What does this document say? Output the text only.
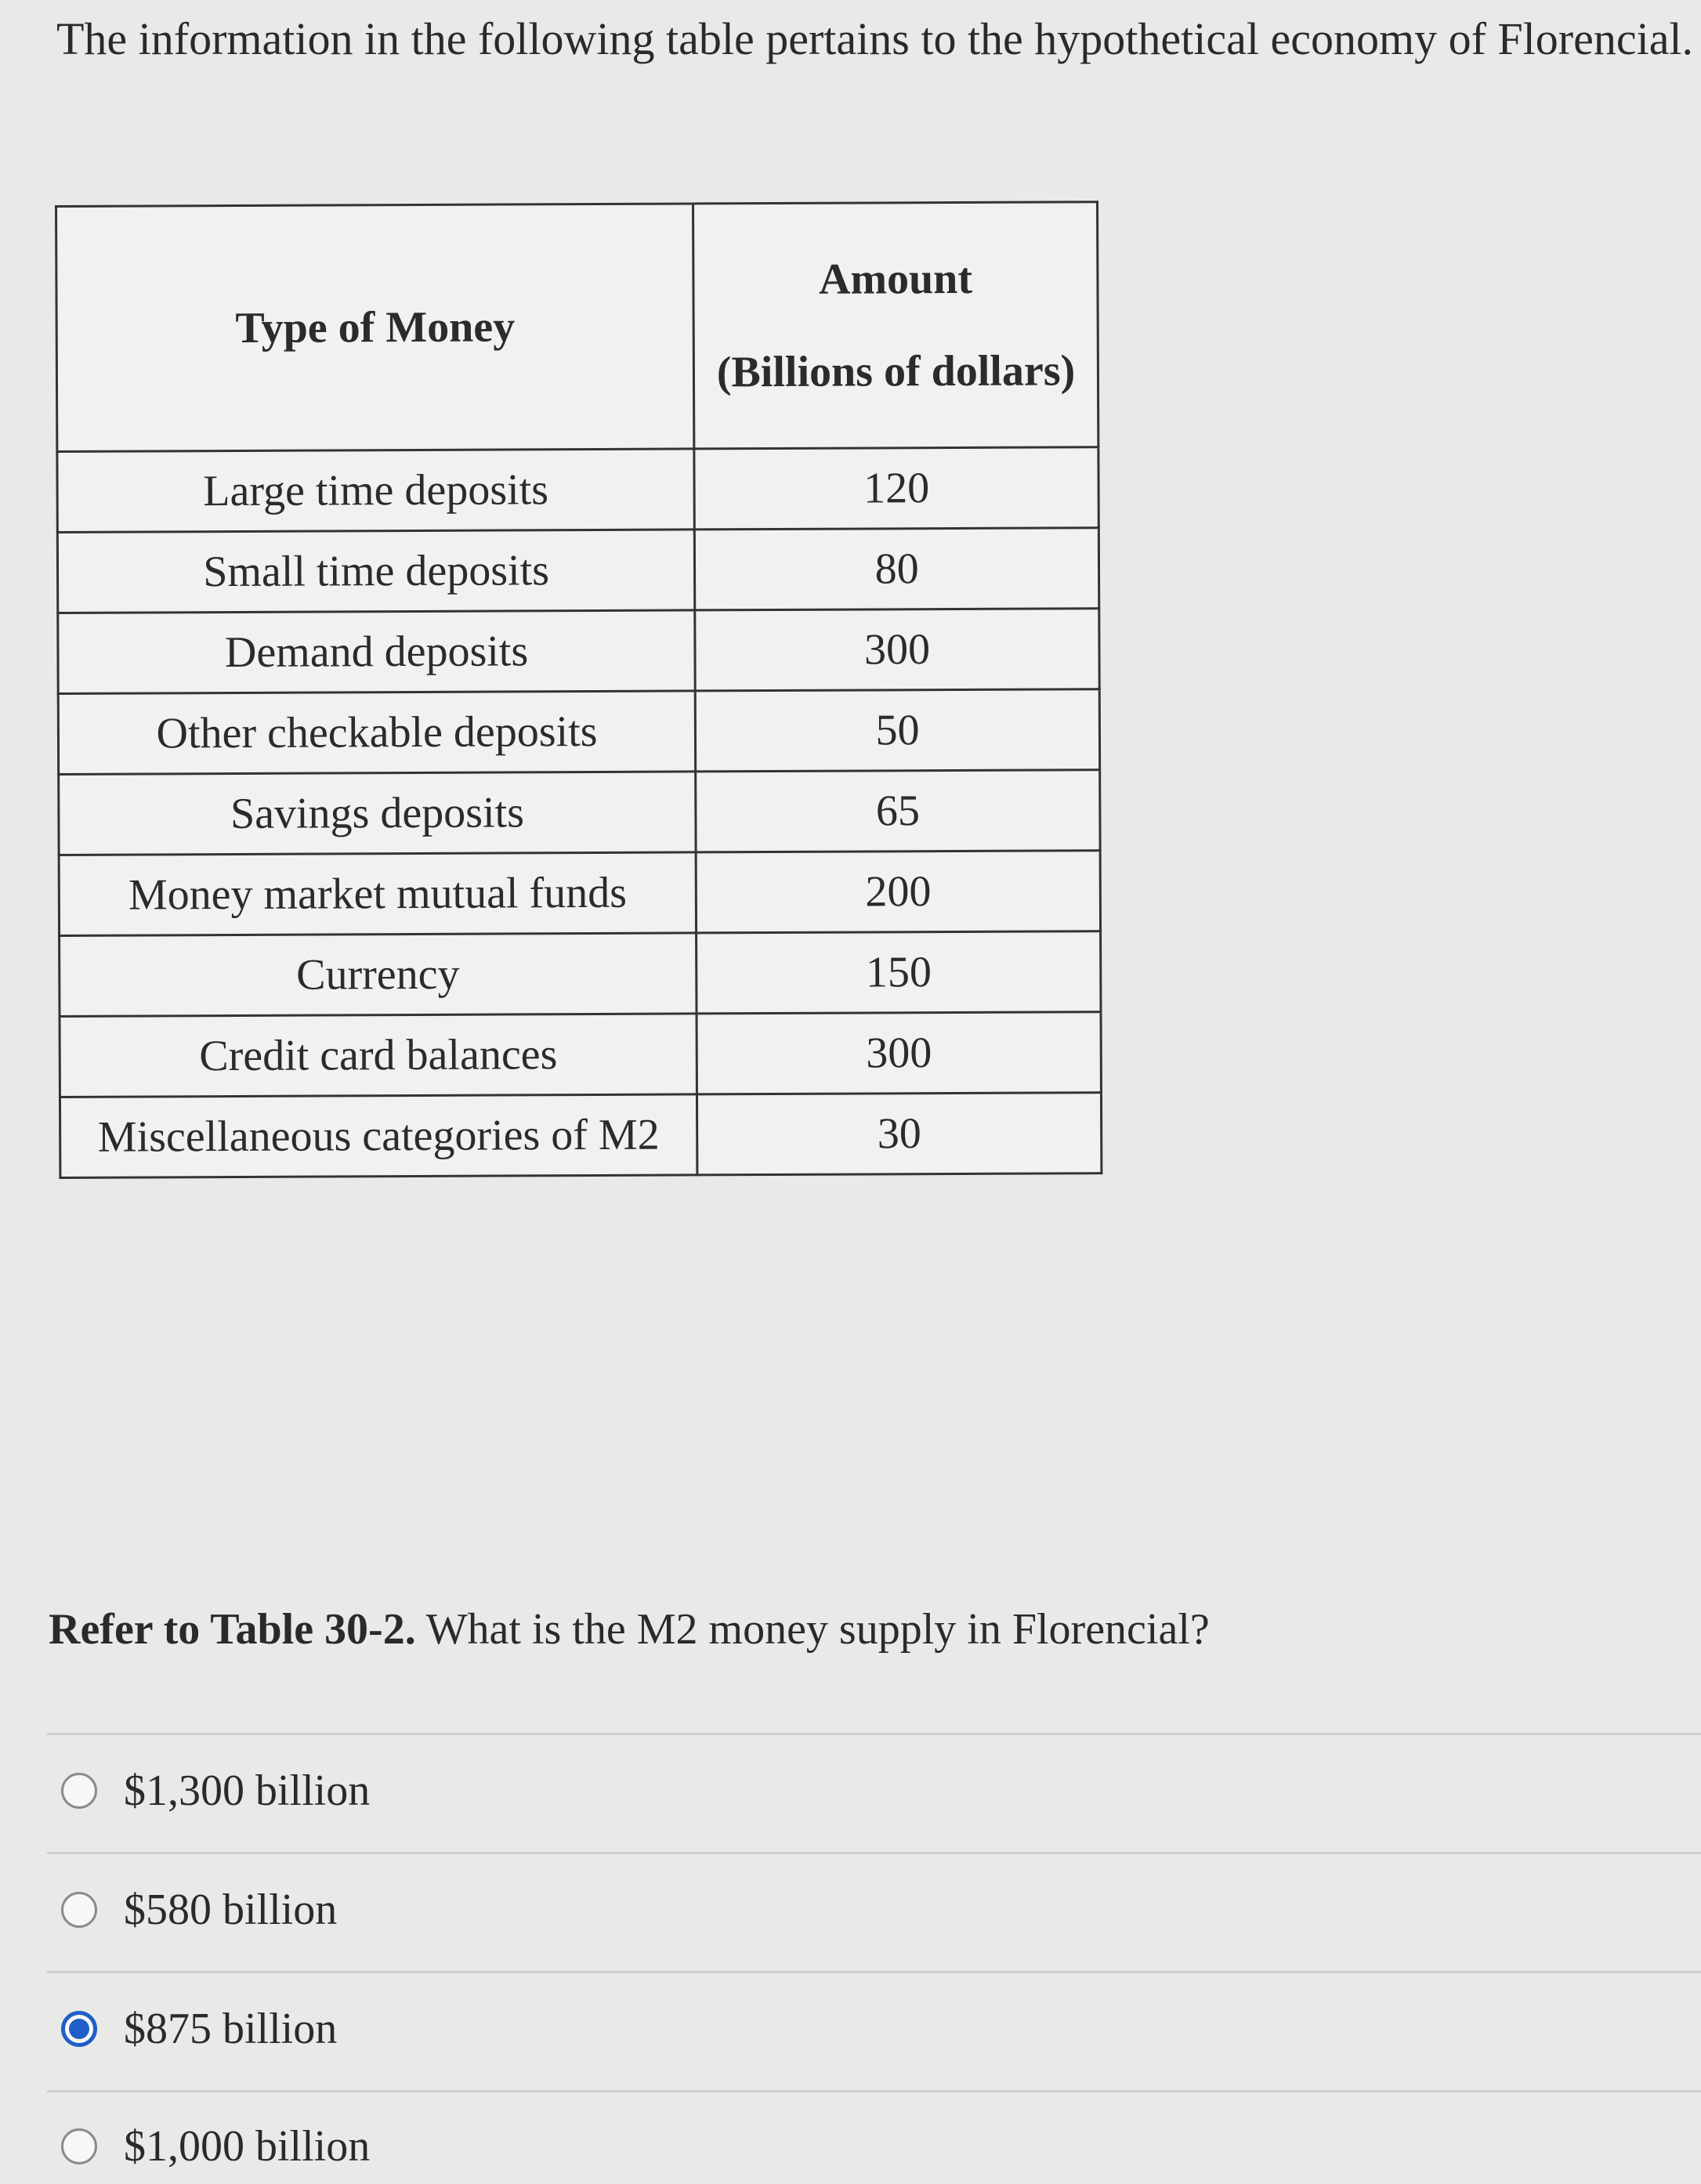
The information in the following table pertains to the hypothetical economy of Florencial.
Type of Money	Amount
(Billions of dollars)
Large time deposits	120
Small time deposits	80
Demand deposits	300
Other checkable deposits	50
Savings deposits	65
Money market mutual funds	200
Currency	150
Credit card balances	300
Miscellaneous categories of M2	30
Refer to Table 30-2. What is the M2 money supply in Florencial?
$1,300 billion
$580 billion
$875 billion
$1,000 billion
